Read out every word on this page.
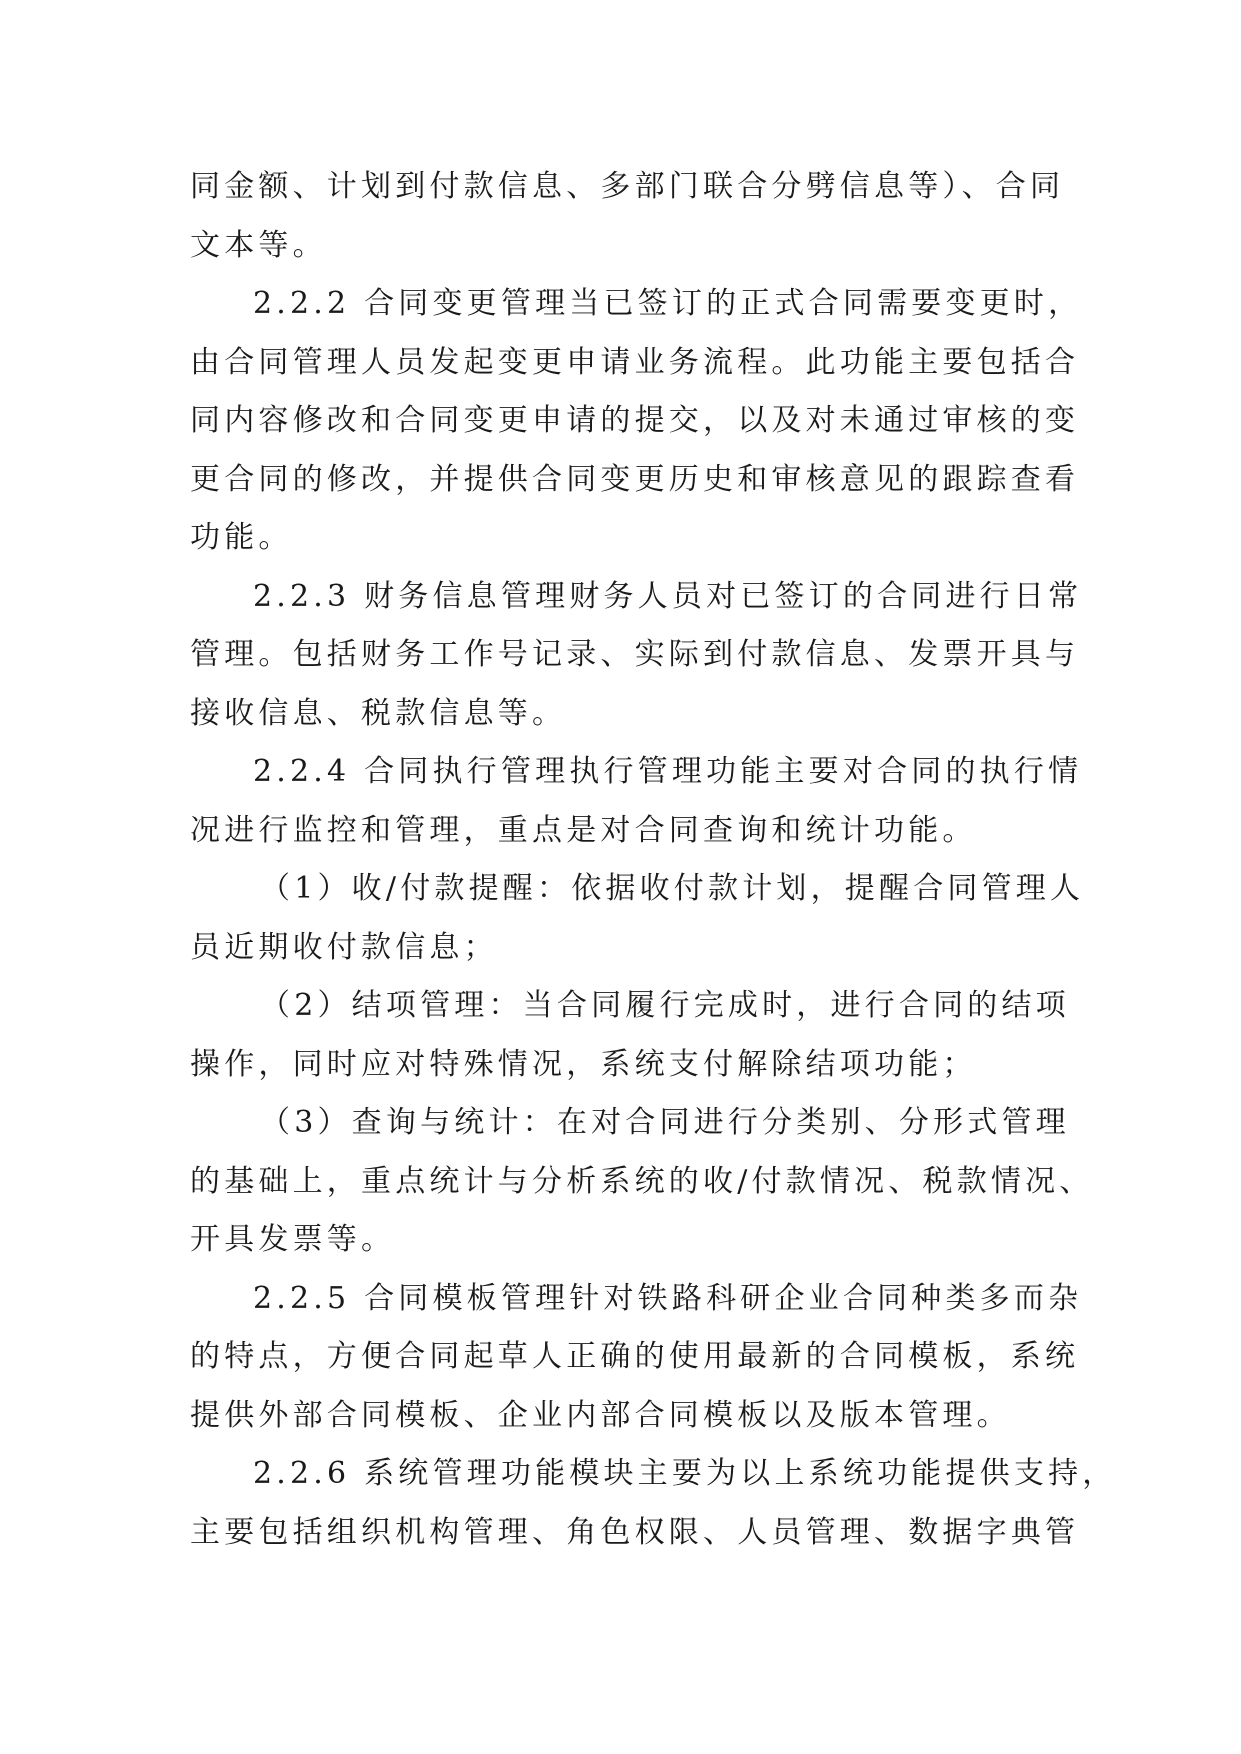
同金额、计划到付款信息、多部门联合分劈信息等）、合同
文本等。
2.2.2 合同变更管理当已签订的正式合同需要变更时，
由合同管理人员发起变更申请业务流程。此功能主要包括合
同内容修改和合同变更申请的提交，以及对未通过审核的变
更合同的修改，并提供合同变更历史和审核意见的跟踪查看
功能。
2.2.3 财务信息管理财务人员对已签订的合同进行日常
管理。包括财务工作号记录、实际到付款信息、发票开具与
接收信息、税款信息等。
2.2.4 合同执行管理执行管理功能主要对合同的执行情
况进行监控和管理，重点是对合同查询和统计功能。
（1）收/付款提醒：依据收付款计划，提醒合同管理人
员近期收付款信息；
（2）结项管理：当合同履行完成时，进行合同的结项
操作，同时应对特殊情况，系统支付解除结项功能；
（3）查询与统计：在对合同进行分类别、分形式管理
的基础上，重点统计与分析系统的收/付款情况、税款情况、
开具发票等。
2.2.5 合同模板管理针对铁路科研企业合同种类多而杂
的特点，方便合同起草人正确的使用最新的合同模板，系统
提供外部合同模板、企业内部合同模板以及版本管理。
2.2.6 系统管理功能模块主要为以上系统功能提供支持，
主要包括组织机构管理、角色权限、人员管理、数据字典管
